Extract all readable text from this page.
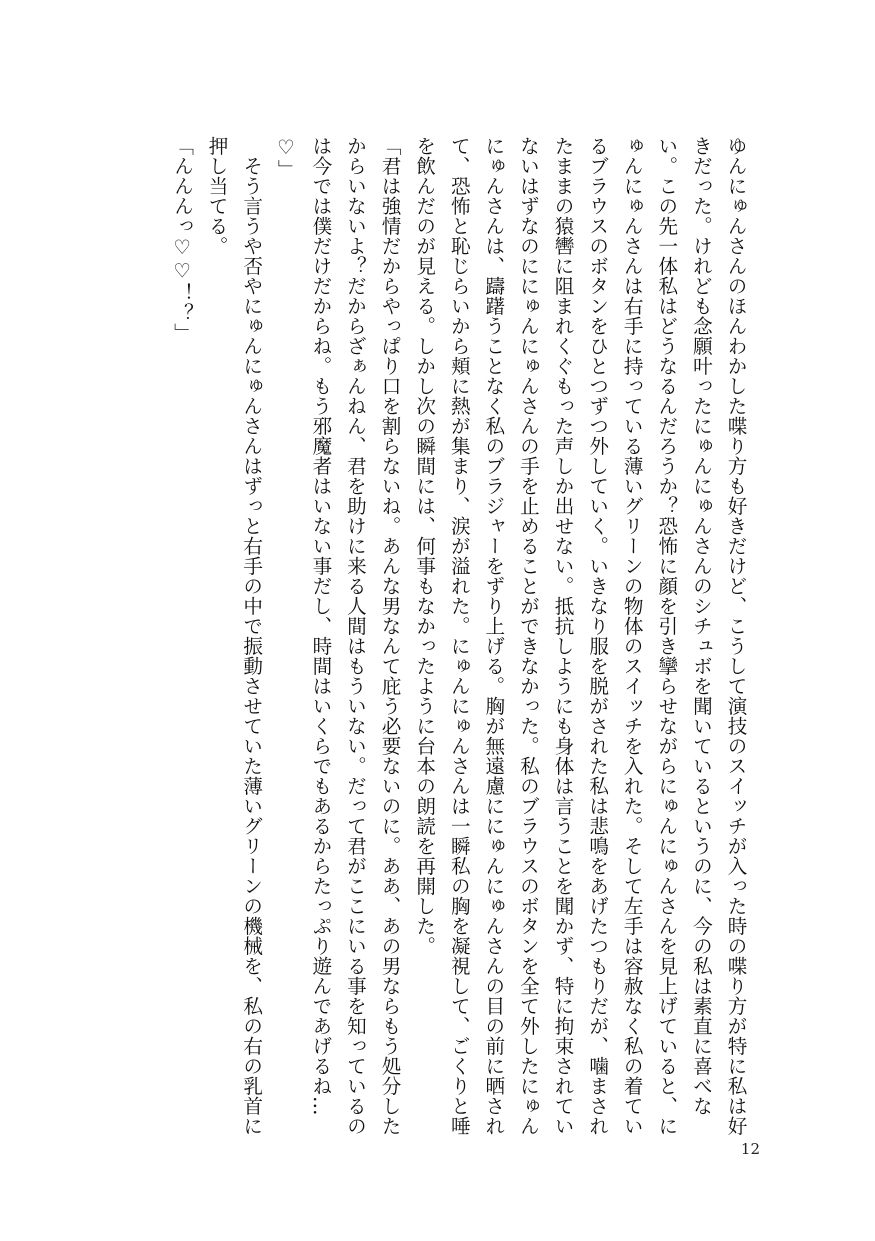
ゆんにゅんさんのほんわかした喋り方も好きだけど、こうして演技のスイッチが入った時の喋り方が特に私は好きだった。けれども念願叶ったにゅんにゅんさんのシチュボを聞いているというのに、今の私は素直に喜べない。この先一体私はどうなるんだろうか？恐怖に顔を引き攣らせながらにゅんにゅんさんを見上げていると、にゅんにゅんさんは右手に持っている薄いグリーンの物体のスイッチを入れた。そして左手は容赦なく私の着ているブラウスのボタンをひとつずつ外していく。いきなり服を脱がされた私は悲鳴をあげたつもりだが、噛まされたままの猿轡に阻まれくぐもった声しか出せない。抵抗しようにも身体は言うことを聞かず、特に拘束されていないはずなのににゅんにゅんさんの手を止めることができなかった。私のブラウスのボタンを全て外したにゅんにゅんさんは、躊躇うことなく私のブラジャーをずり上げる。胸が無遠慮ににゅんにゅんさんの目の前に晒されて、恐怖と恥じらいから頬に熱が集まり、涙が溢れた。にゅんにゅんさんは一瞬私の胸を凝視して、ごくりと唾を飲んだのが見える。しかし次の瞬間には、何事もなかったように台本の朗読を再開した。

「君は強情だからやっぱり口を割らないね。あんな男なんて庇う必要ないのに。ああ、あの男ならもう処分したからいないよ？だからざぁんねん、君を助けに来る人間はもういない。だって君がここにいる事を知っているのは今では僕だけだからね。もう邪魔者はいない事だし、時間はいくらでもあるからたっぷり遊んであげるね…♡」

　そう言うや否やにゅんにゅんさんはずっと右手の中で振動させていた薄いグリーンの機械を、私の右の乳首に押し当てる。

「んんんっ♡♡！？」

12
